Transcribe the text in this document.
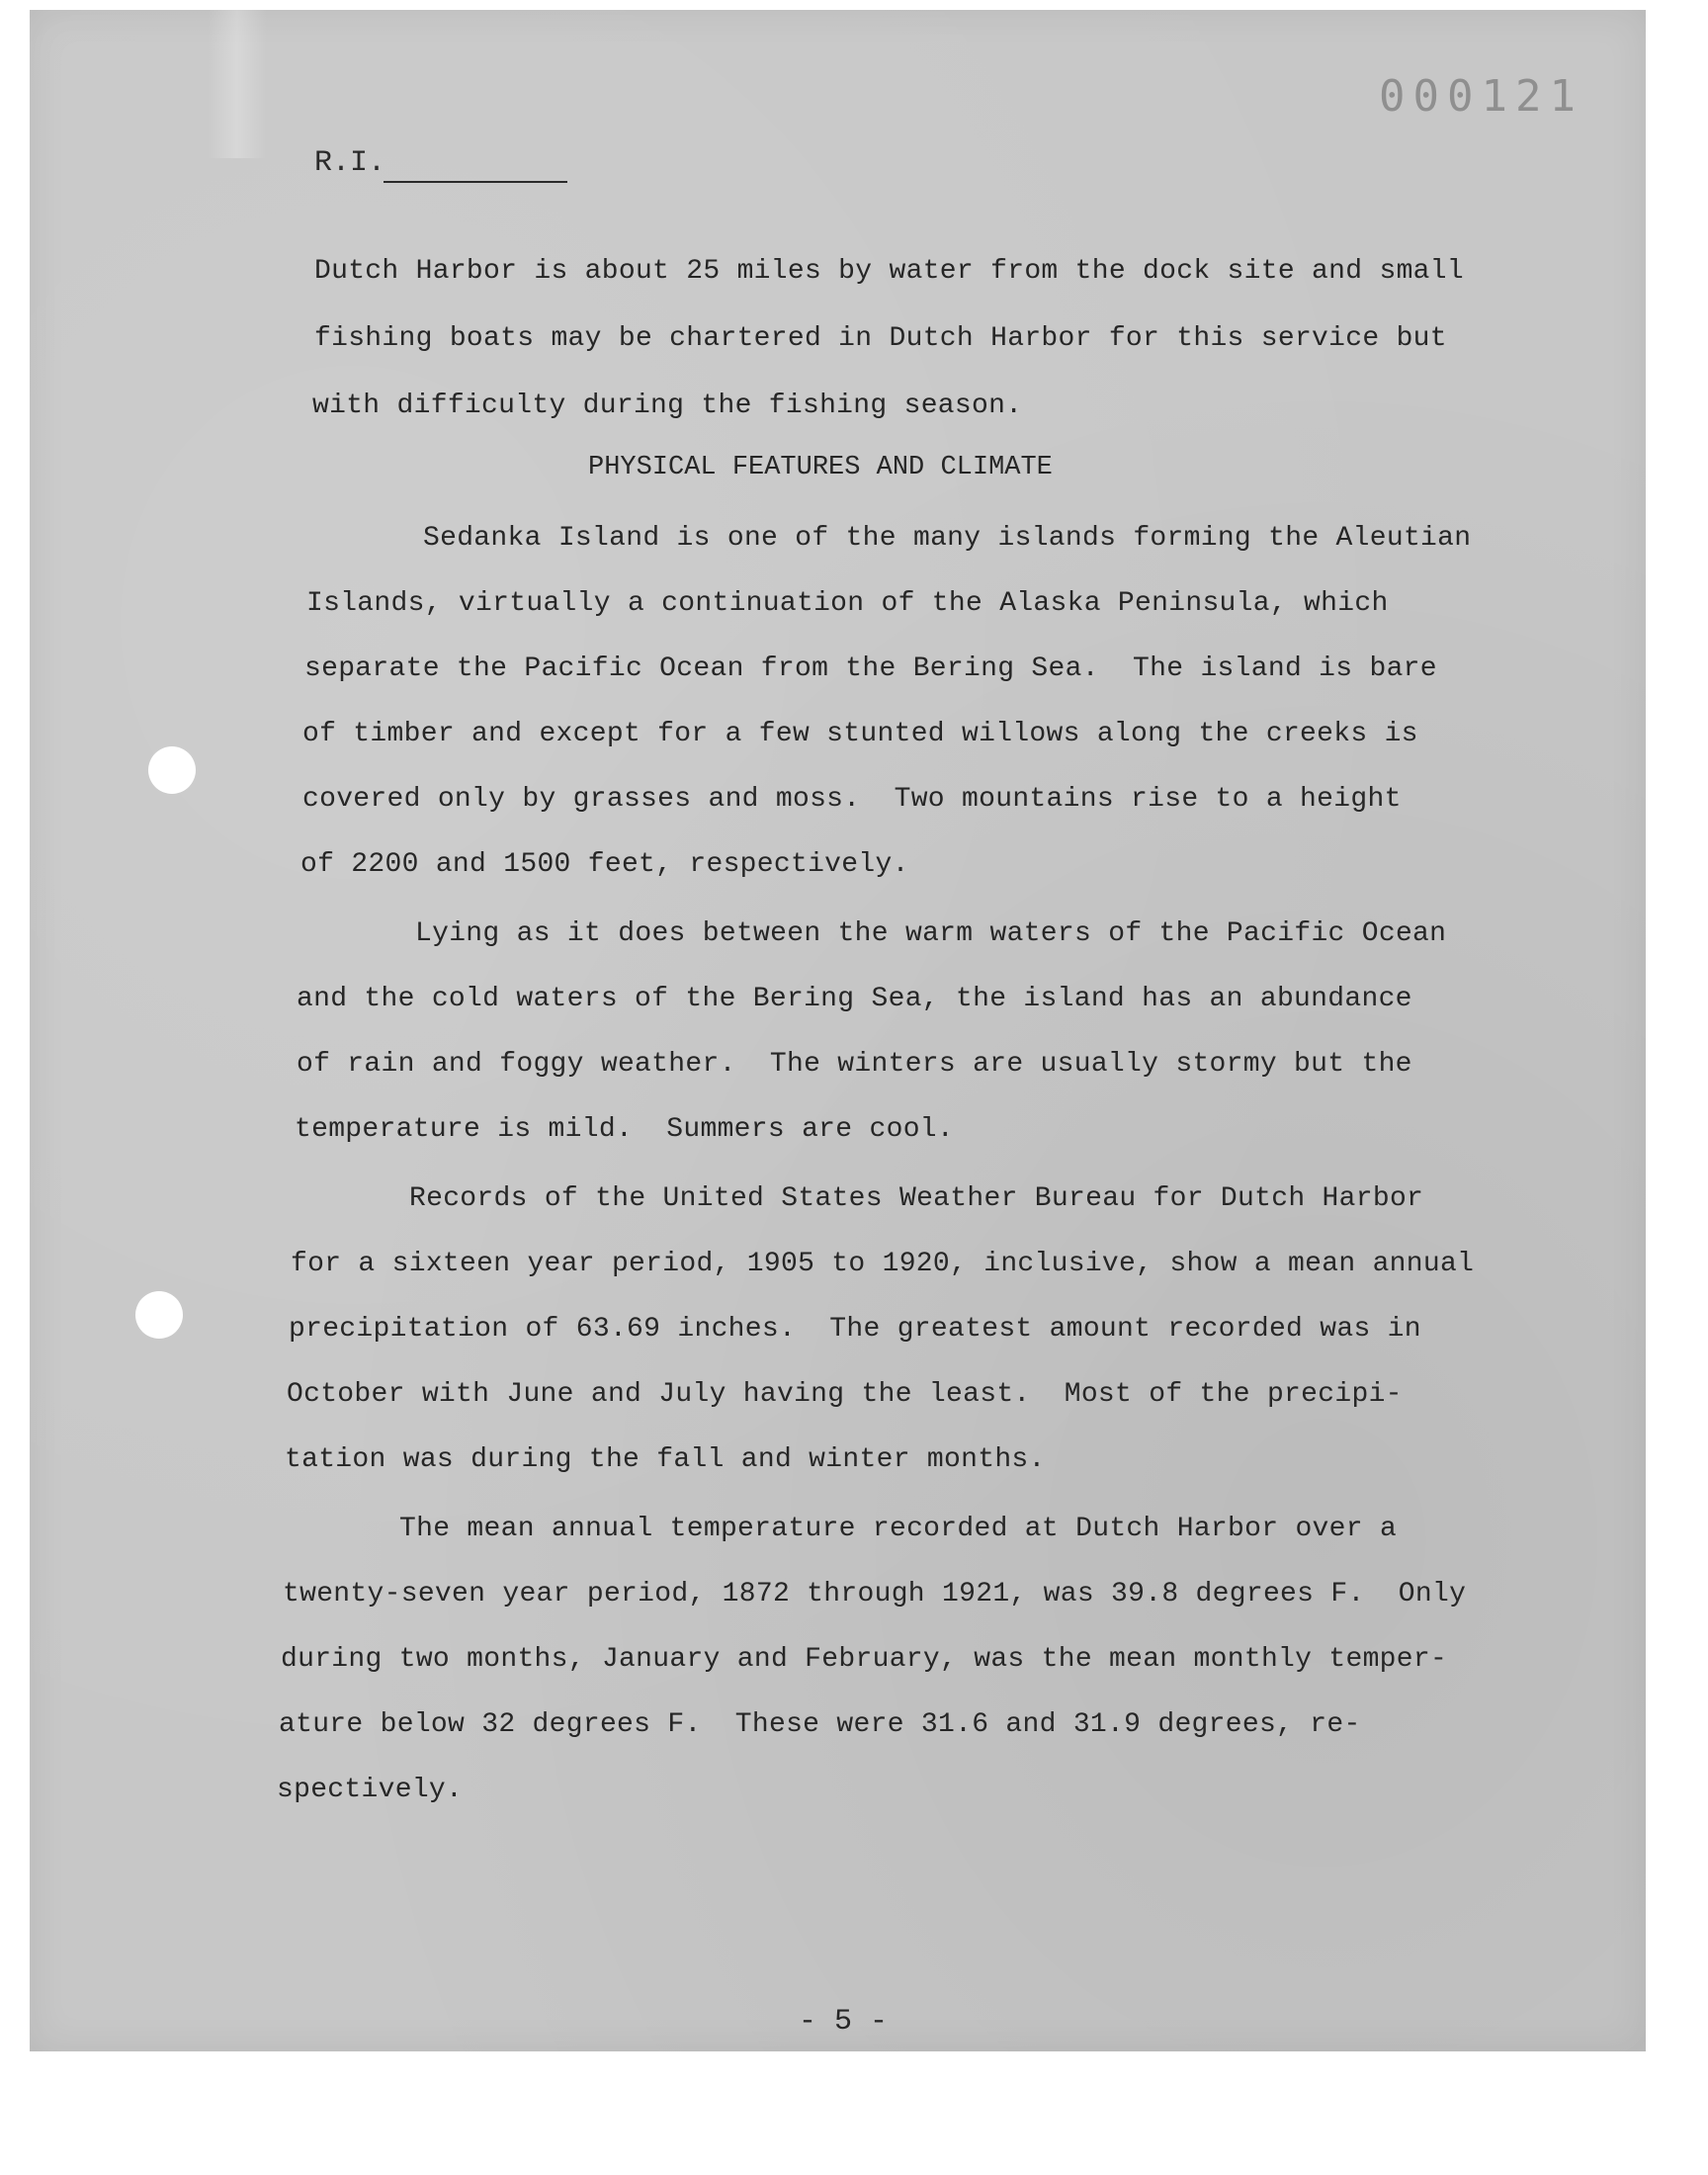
000121
R.I.
Dutch Harbor is about 25 miles by water from the dock site and small
fishing boats may be chartered in Dutch Harbor for this service but
with difficulty during the fishing season.
PHYSICAL FEATURES AND CLIMATE
Sedanka Island is one of the many islands forming the Aleutian
Islands, virtually a continuation of the Alaska Peninsula, which
separate the Pacific Ocean from the Bering Sea.  The island is bare
of timber and except for a few stunted willows along the creeks is
covered only by grasses and moss.  Two mountains rise to a height
of 2200 and 1500 feet, respectively.
Lying as it does between the warm waters of the Pacific Ocean
and the cold waters of the Bering Sea, the island has an abundance
of rain and foggy weather.  The winters are usually stormy but the
temperature is mild.  Summers are cool.
Records of the United States Weather Bureau for Dutch Harbor
for a sixteen year period, 1905 to 1920, inclusive, show a mean annual
precipitation of 63.69 inches.  The greatest amount recorded was in
October with June and July having the least.  Most of the precipi-
tation was during the fall and winter months.
The mean annual temperature recorded at Dutch Harbor over a
twenty-seven year period, 1872 through 1921, was 39.8 degrees F.  Only
during two months, January and February, was the mean monthly temper-
ature below 32 degrees F.  These were 31.6 and 31.9 degrees, re-
spectively.
- 5 -
